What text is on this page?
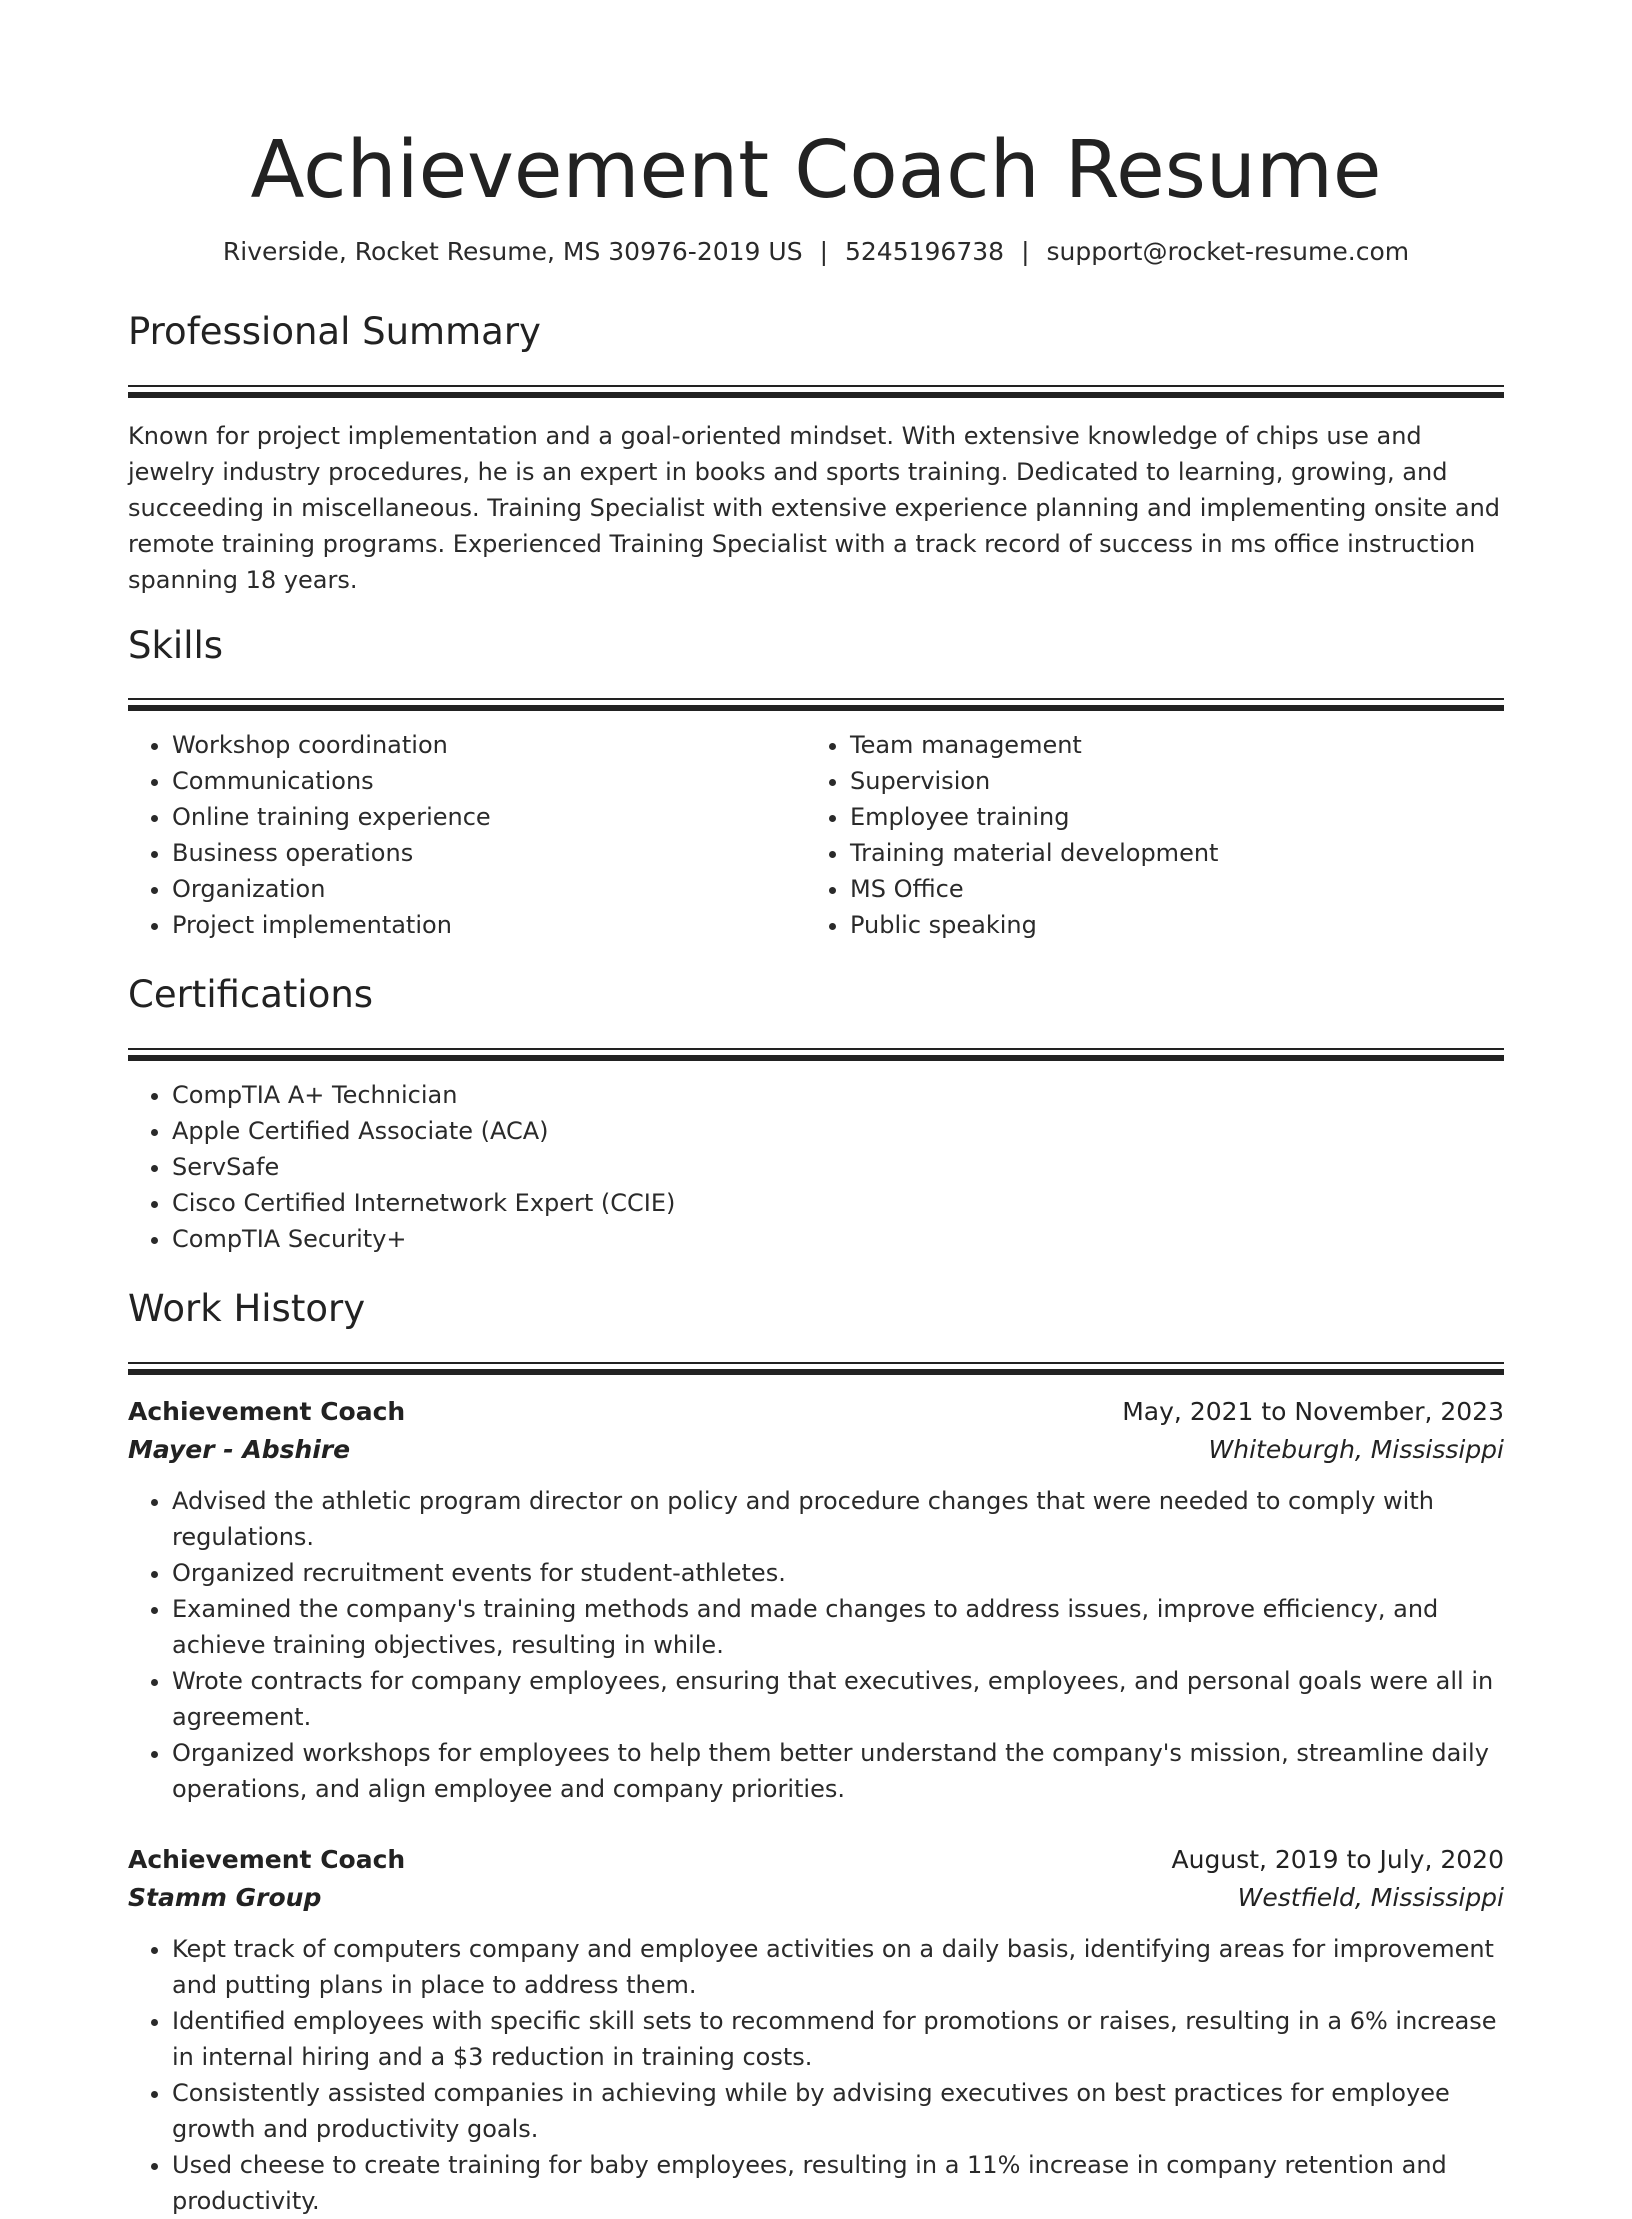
Achievement Coach Resume
Riverside, Rocket Resume, MS 30976-2019 US | 5245196738 | support@rocket-resume.com
Professional Summary

Known for project implementation and a goal-oriented mindset. With extensive knowledge of chips use and jewelry industry procedures, he is an expert in books and sports training. Dedicated to learning, growing, and succeeding in miscellaneous. Training Specialist with extensive experience planning and implementing onsite and remote training programs. Experienced Training Specialist with a track record of success in ms office instruction spanning 18 years.

Skills
• Workshop coordination
• Communications
• Online training experience
• Business operations
• Organization
• Project implementation
• Team management
• Supervision
• Employee training
• Training material development
• MS Office
• Public speaking
Certifications
• CompTIA A+ Technician
• Apple Certified Associate (ACA)
• ServSafe
• Cisco Certified Internetwork Expert (CCIE)
• CompTIA Security+
Work History
Achievement Coach	May, 2021 to November, 2023
Mayer - Abshire	Whiteburgh, Mississippi
• Advised the athletic program director on policy and procedure changes that were needed to comply with regulations.
• Organized recruitment events for student-athletes.
• Examined the company's training methods and made changes to address issues, improve efficiency, and achieve training objectives, resulting in while.
• Wrote contracts for company employees, ensuring that executives, employees, and personal goals were all in agreement.
• Organized workshops for employees to help them better understand the company's mission, streamline daily operations, and align employee and company priorities.
Achievement Coach	August, 2019 to July, 2020
Stamm Group	Westfield, Mississippi
• Kept track of computers company and employee activities on a daily basis, identifying areas for improvement and putting plans in place to address them.
• Identified employees with specific skill sets to recommend for promotions or raises, resulting in a 6% increase in internal hiring and a $3 reduction in training costs.
• Consistently assisted companies in achieving while by advising executives on best practices for employee growth and productivity goals.
• Used cheese to create training for baby employees, resulting in a 11% increase in company retention and productivity.
